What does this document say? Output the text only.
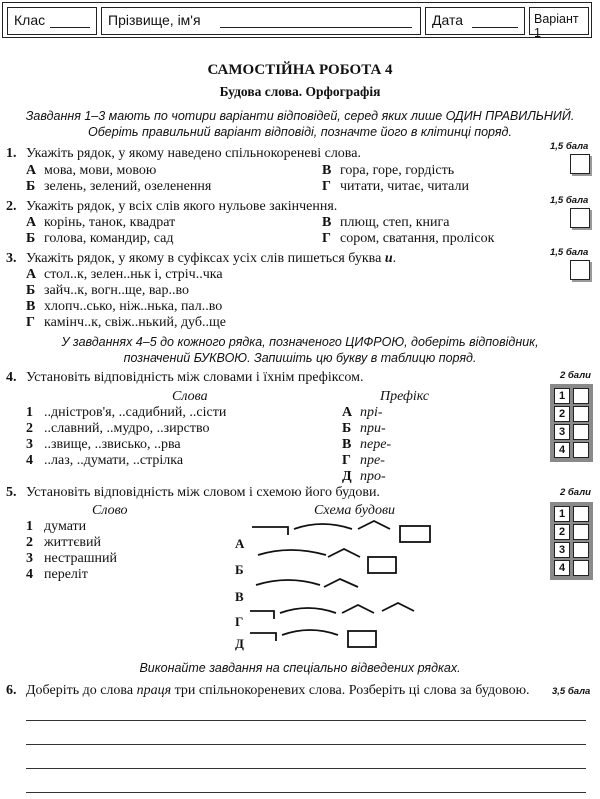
Клас	Прізвище, ім'я	Дата	Варіант 1
САМОСТІЙНА РОБОТА 4
Будова слова. Орфографія
Завдання 1–3 мають по чотири варіанти відповідей, серед яких лише ОДИН ПРАВИЛЬНИЙ.
Оберіть правильний варіант відповіді, позначте його в клітинці поряд.
1,5 бала
1. Укажіть рядок, у якому наведено спільнокореневі слова.
А мова, мови, мовою	В гора, горе, гордість
Б зелень, зелений, озеленення	Г читати, читає, читали
1,5 бала
2. Укажіть рядок, у всіх слів якого нульове закінчення.
А корінь, танок, квадрат	В плющ, степ, книга
Б голова, командир, сад	Г сором, сватання, пролісок
1,5 бала
3. Укажіть рядок, у якому в суфіксах усіх слів пишеться буква и.
А стол..к, зелен..ньк і, стріч..чка
Б зайч..к, вогн..ще, вар..во
В хлопч..сько, ніж..нька, пал..во
Г камінч..к, свіж..нький, дуб..ще
У завданнях 4–5 до кожного рядка, позначеного ЦИФРОЮ, доберіть відповідник,
позначений БУКВОЮ. Запишіть цю букву в таблицю поряд.
4. Установіть відповідність між словами і їхнім префіксом.	2 бали
Слова	Префікс
1 ..дністров'я, ..садибний, ..сісти
2 ..славний, ..мудро, ..зирство
3 ..звище, ..звисько, ..рва
4 ..лаз, ..думати, ..стрілка
А прі-
Б при-
В пере-
Г пре-
Д про-
1
2
3
4
5. Установіть відповідність між словом і схемою його будови.	2 бали
Слово	Схема будови
1 думати
2 життєвий
3 нестрашний
4 переліт
А
Б
В
Г
Д
1
2
3
4
Виконайте завдання на спеціально відведених рядках.
6. Доберіть до слова праця три спільнокореневих слова. Розберіть ці слова за будовою. 3,5 бала
